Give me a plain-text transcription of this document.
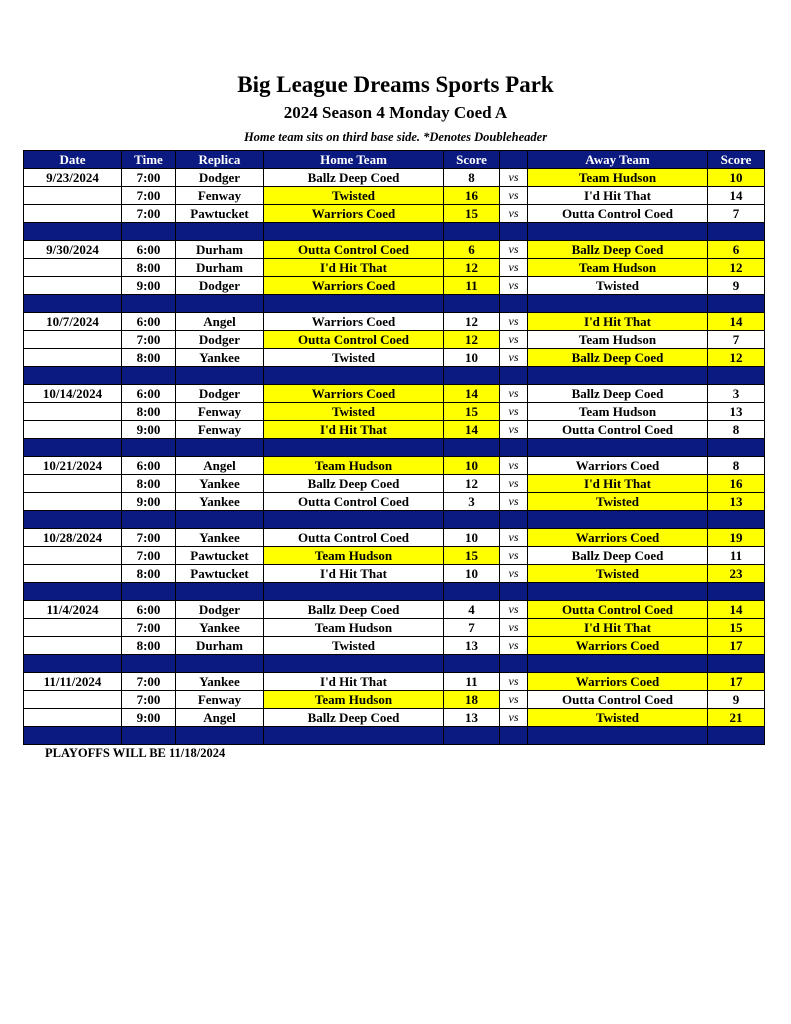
Big League Dreams Sports Park
2024 Season 4 Monday Coed A
Home team sits on third base side. *Denotes Doubleheader
Date	Time	Replica	Home Team	Score		Away Team	Score
9/23/2024	7:00	Dodger	Ballz Deep Coed	8	vs	Team Hudson	10
	7:00	Fenway	Twisted	16	vs	I'd Hit That	14
	7:00	Pawtucket	Warriors Coed	15	vs	Outta Control Coed	7

9/30/2024	6:00	Durham	Outta Control Coed	6	vs	Ballz Deep Coed	6
	8:00	Durham	I'd Hit That	12	vs	Team Hudson	12
	9:00	Dodger	Warriors Coed	11	vs	Twisted	9

10/7/2024	6:00	Angel	Warriors Coed	12	vs	I'd Hit That	14
	7:00	Dodger	Outta Control Coed	12	vs	Team Hudson	7
	8:00	Yankee	Twisted	10	vs	Ballz Deep Coed	12

10/14/2024	6:00	Dodger	Warriors Coed	14	vs	Ballz Deep Coed	3
	8:00	Fenway	Twisted	15	vs	Team Hudson	13
	9:00	Fenway	I'd Hit That	14	vs	Outta Control Coed	8

10/21/2024	6:00	Angel	Team Hudson	10	vs	Warriors Coed	8
	8:00	Yankee	Ballz Deep Coed	12	vs	I'd Hit That	16
	9:00	Yankee	Outta Control Coed	3	vs	Twisted	13

10/28/2024	7:00	Yankee	Outta Control Coed	10	vs	Warriors Coed	19
	7:00	Pawtucket	Team Hudson	15	vs	Ballz Deep Coed	11
	8:00	Pawtucket	I'd Hit That	10	vs	Twisted	23

11/4/2024	6:00	Dodger	Ballz Deep Coed	4	vs	Outta Control Coed	14
	7:00	Yankee	Team Hudson	7	vs	I'd Hit That	15
	8:00	Durham	Twisted	13	vs	Warriors Coed	17

11/11/2024	7:00	Yankee	I'd Hit That	11	vs	Warriors Coed	17
	7:00	Fenway	Team Hudson	18	vs	Outta Control Coed	9
	9:00	Angel	Ballz Deep Coed	13	vs	Twisted	21

PLAYOFFS WILL BE 11/18/2024
